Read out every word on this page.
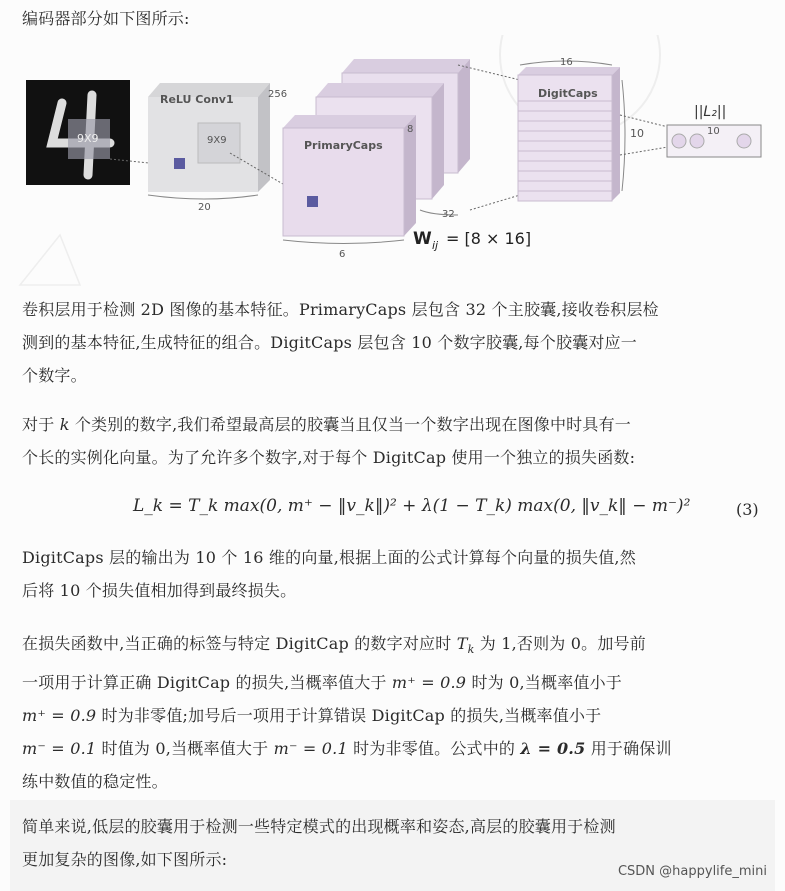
编码器部分如下图所示:
9X9
ReLU Conv1	256
9X9
20
PrimaryCaps
8
6
32
W ij = [8 × 16]
DigitCaps
16
10
||L₂||
10
卷积层用于检测 2D 图像的基本特征。PrimaryCaps 层包含 32 个主胶囊,接收卷积层检
测到的基本特征,生成特征的组合。DigitCaps 层包含 10 个数字胶囊,每个胶囊对应一
个数字。
对于 k 个类别的数字,我们希望最高层的胶囊当且仅当一个数字出现在图像中时具有一
个长的实例化向量。为了允许多个数字,对于每个 DigitCap 使用一个独立的损失函数:
L_k = T_k max(0, m⁺ − ‖v_k‖)² + λ(1 − T_k) max(0, ‖v_k‖ − m⁻)²	(3)
DigitCaps 层的输出为 10 个 16 维的向量,根据上面的公式计算每个向量的损失值,然
后将 10 个损失值相加得到最终损失。
在损失函数中,当正确的标签与特定 DigitCap 的数字对应时 $T_k$ 为 1,否则为 0。加号前
一项用于计算正确 DigitCap 的损失,当概率值大于 m⁺ = 0.9 时为 0,当概率值小于
m⁺ = 0.9 时为非零值;加号后一项用于计算错误 DigitCap 的损失,当概率值小于
m⁻ = 0.1 时值为 0,当概率值大于 m⁻ = 0.1 时为非零值。公式中的 λ = 0.5 用于确保训
练中数值的稳定性。
简单来说,低层的胶囊用于检测一些特定模式的出现概率和姿态,高层的胶囊用于检测
更加复杂的图像,如下图所示:
CSDN @happylife_mini
